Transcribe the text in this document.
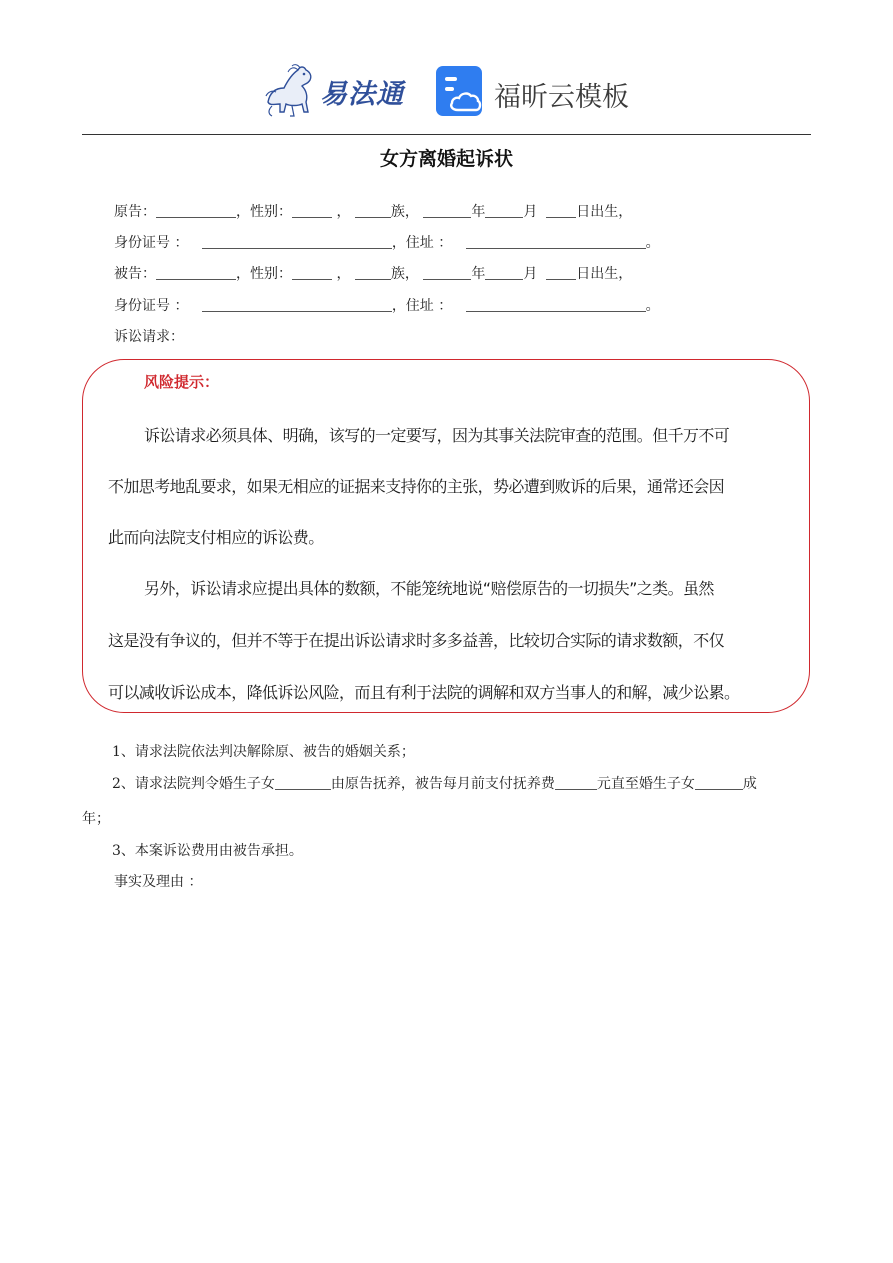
易法通	福昕云模板
女方离婚起诉状
原告：	，性别：	，	族，	年	月	日出生，
身份证号 ：	，住址 ：	。
被告：	，性别：	，	族，	年	月	日出生，
身份证号 ：	，住址 ：	。
诉讼请求：
风险提示：
诉讼请求必须具体、明确，该写的一定要写，因为其事关法院审查的范围。但千万不可
不加思考地乱要求，如果无相应的证据来支持你的主张，势必遭到败诉的后果，通常还会因
此而向法院支付相应的诉讼费。
另外，诉讼请求应提出具体的数额，不能笼统地说“赔偿原告的一切损失”之类。虽然
这是没有争议的，但并不等于在提出诉讼请求时多多益善，比较切合实际的请求数额，不仅
可以减收诉讼成本，降低诉讼风险，而且有利于法院的调解和双方当事人的和解，减少讼累。
1、请求法院依法判决解除原、被告的婚姻关系；
2、请求法院判令婚生子女	由原告抚养，被告每月前支付抚养费	元直至婚生子女	成
年；
3、本案诉讼费用由被告承担。
事实及理由 ：
